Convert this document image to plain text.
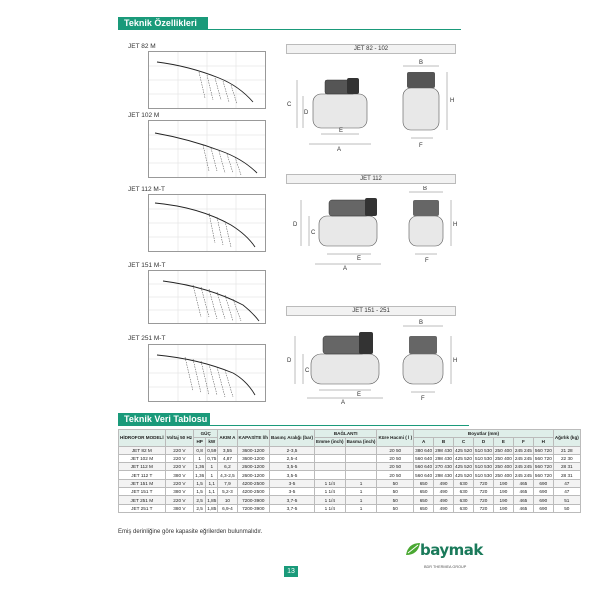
Teknik Özellikleri
JET 82 M
JET 102 M
JET 112 M-T
JET 151 M-T
JET 251 M-T
JET 82 - 102
B
H
C
D
E
A
F
JET 112
B
D
C
A
E	F
H
JET 151 - 251
B
D
C
A
E
F
H
Teknik Veri Tablosu
HİDROFOR MODELİ	Voltaj 50 Hz	GÜÇ		AKIM A	KAPASİTE l/h	Basınç Aralığı (bar)	BAĞLANTI		Küre Hacmi ( l )	Boyutlar (mm)							Ağırlık (kg)
		HP	kW				Emme (inch)	Basma (inch)		A	B	C	D	E	F	H	
JET 82 M	220 V	0,8	0,59	3,55	3600-1200	2-3,5			20 50	380 640	298 430	425 520	510 530	250 400	245 245	560 720	21 28
JET 102 M	220 V	1	0,75	4,87	3600-1200	2,5-4			20 50	560 640	298 430	425 520	510 530	250 400	245 245	560 720	22 30
JET 112 M	220 V	1,36	1	6,2	2600-1200	3,5-5			20 50	560 640	270 430	425 520	510 530	250 400	245 245	560 720	28 31
JET 112 T	380 V	1,36	1	4,3-2,5	2600-1200	3,5-5			20 50	560 640	298 430	425 520	510 530	250 400	245 245	560 720	28 31
JET 151 M	220 V	1,5	1,1	7,9	4200-2500	3-5	1 1/4	1	50	650	490	630	720	190	465	690	47
JET 151 T	380 V	1,5	1,1	5,2-3	4200-2500	3-5	1 1/4	1	50	650	490	630	720	190	465	690	47
JET 251 M	220 V	2,5	1,85	10	7200-3900	3,7-5	1 1/4	1	50	650	490	630	720	190	465	690	51
JET 251 T	380 V	2,5	1,85	6,9-4	7200-3900	3,7-5	1 1/4	1	50	650	490	630	720	190	465	690	50
Emiş derinliğine göre kapasite eğrilerden bulunmalıdır.
13
baymak
BDR THERMEA GROUP
